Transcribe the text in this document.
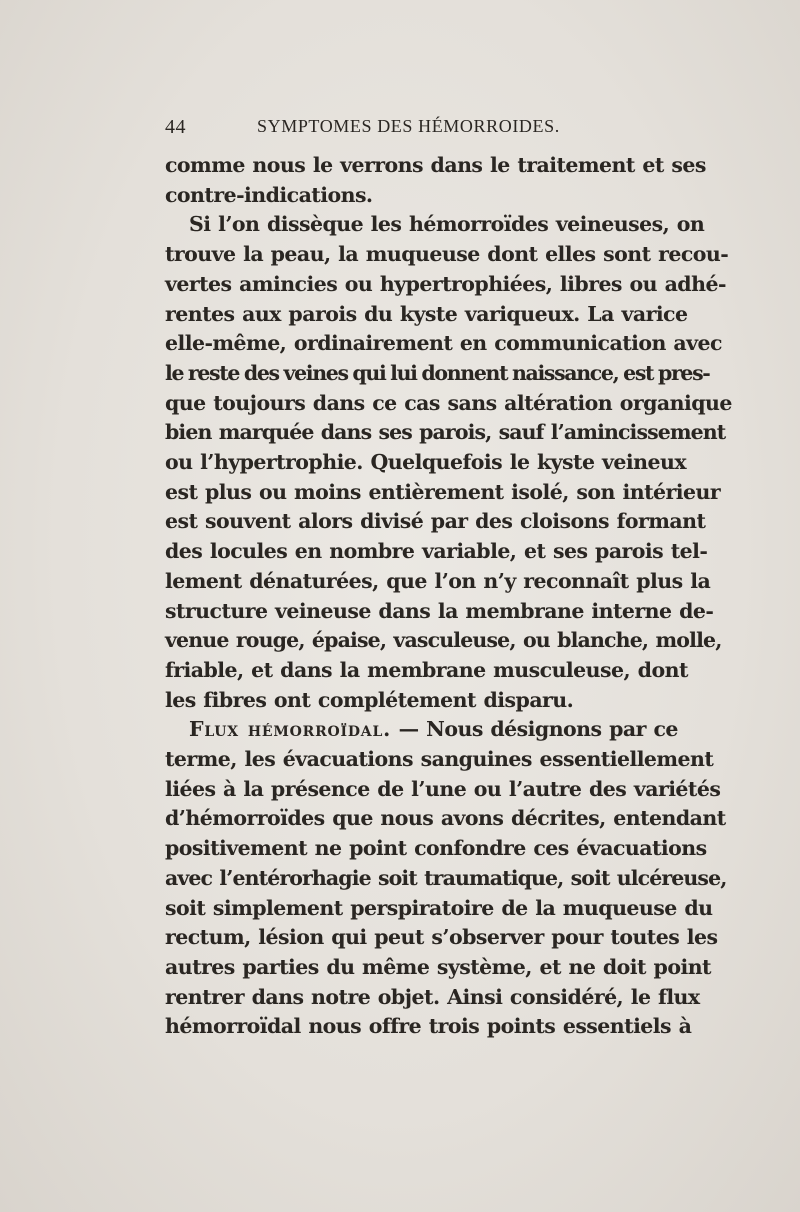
44	SYMPTOMES DES HÉMORROIDES.
comme nous le verrons dans le traitement et ses
contre-indications.
Si l’on dissèque les hémorroïdes veineuses, on
trouve la peau, la muqueuse dont elles sont recou-
vertes amincies ou hypertrophiées, libres ou adhé-
rentes aux parois du kyste variqueux. La varice
elle-même, ordinairement en communication avec
le reste des veines qui lui donnent naissance, est pres-
que toujours dans ce cas sans altération organique
bien marquée dans ses parois, sauf l’amincissement
ou l’hypertrophie. Quelquefois le kyste veineux
est plus ou moins entièrement isolé, son intérieur
est souvent alors divisé par des cloisons formant
des locules en nombre variable, et ses parois tel-
lement dénaturées, que l’on n’y reconnaît plus la
structure veineuse dans la membrane interne de-
venue rouge, épaise, vasculeuse, ou blanche, molle,
friable, et dans la membrane musculeuse, dont
les fibres ont complétement disparu.
Flux hémorroïdal. — Nous désignons par ce
terme, les évacuations sanguines essentiellement
liées à la présence de l’une ou l’autre des variétés
d’hémorroïdes que nous avons décrites, entendant
positivement ne point confondre ces évacuations
avec l’entérorhagie soit traumatique, soit ulcéreuse,
soit simplement perspiratoire de la muqueuse du
rectum, lésion qui peut s’observer pour toutes les
autres parties du même système, et ne doit point
rentrer dans notre objet. Ainsi considéré, le flux
hémorroïdal nous offre trois points essentiels à
